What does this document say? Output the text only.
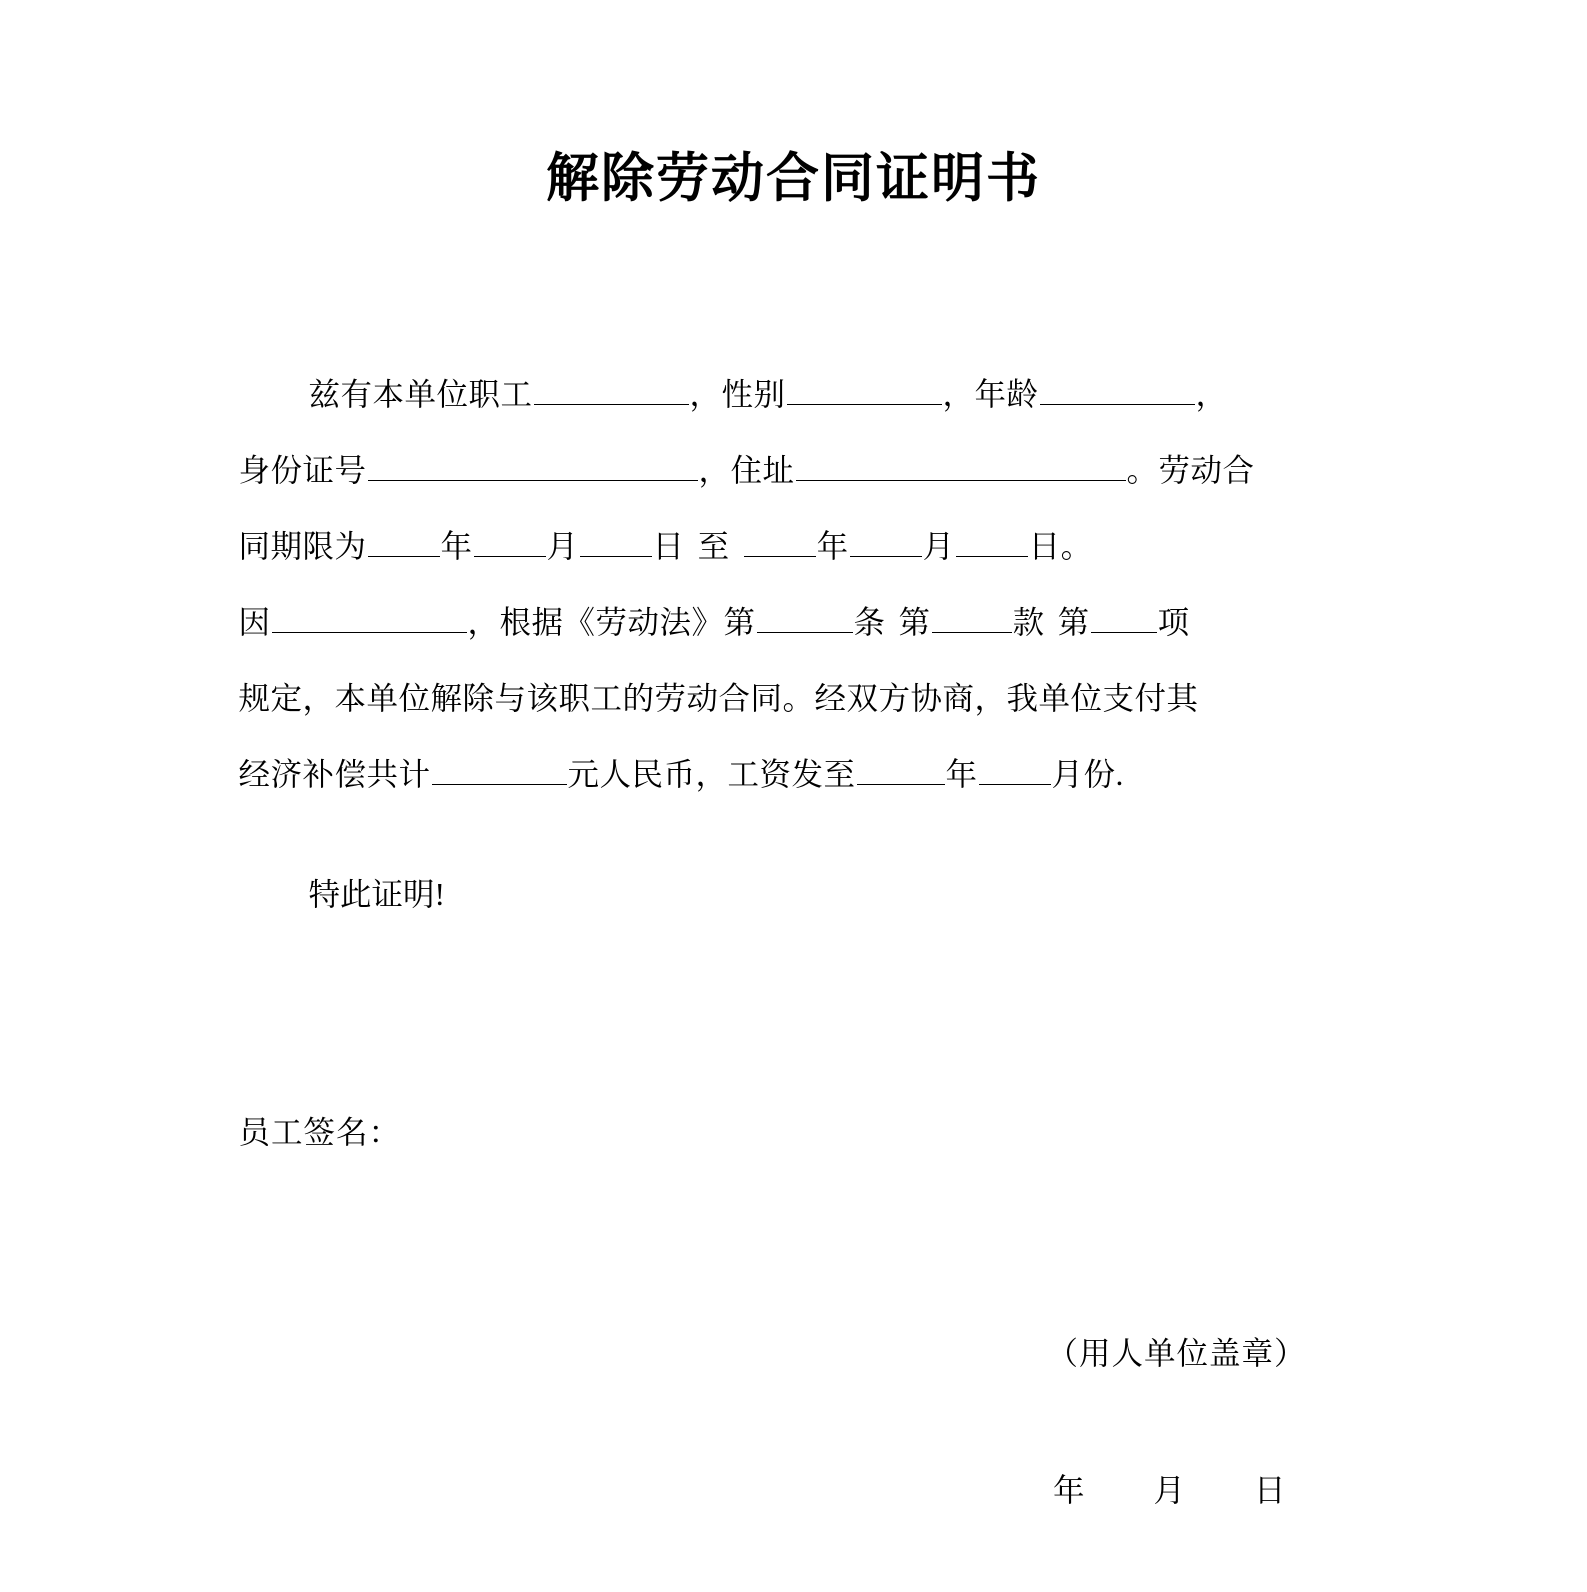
解除劳动合同证明书
兹有本单位职工	，性别	，年龄	，
身份证号	，住址	。劳动合
同期限为 年 月 日 至	年 月 日。
因	，根据《劳动法》第	条 第	款 第 项
规定，本单位解除与该职工的劳动合同。经双方协商，我单位支付其
经济补偿共计	元人民币，工资发至	年 月份.
特此证明!
员工签名：
（用人单位盖章）
年 月 日
